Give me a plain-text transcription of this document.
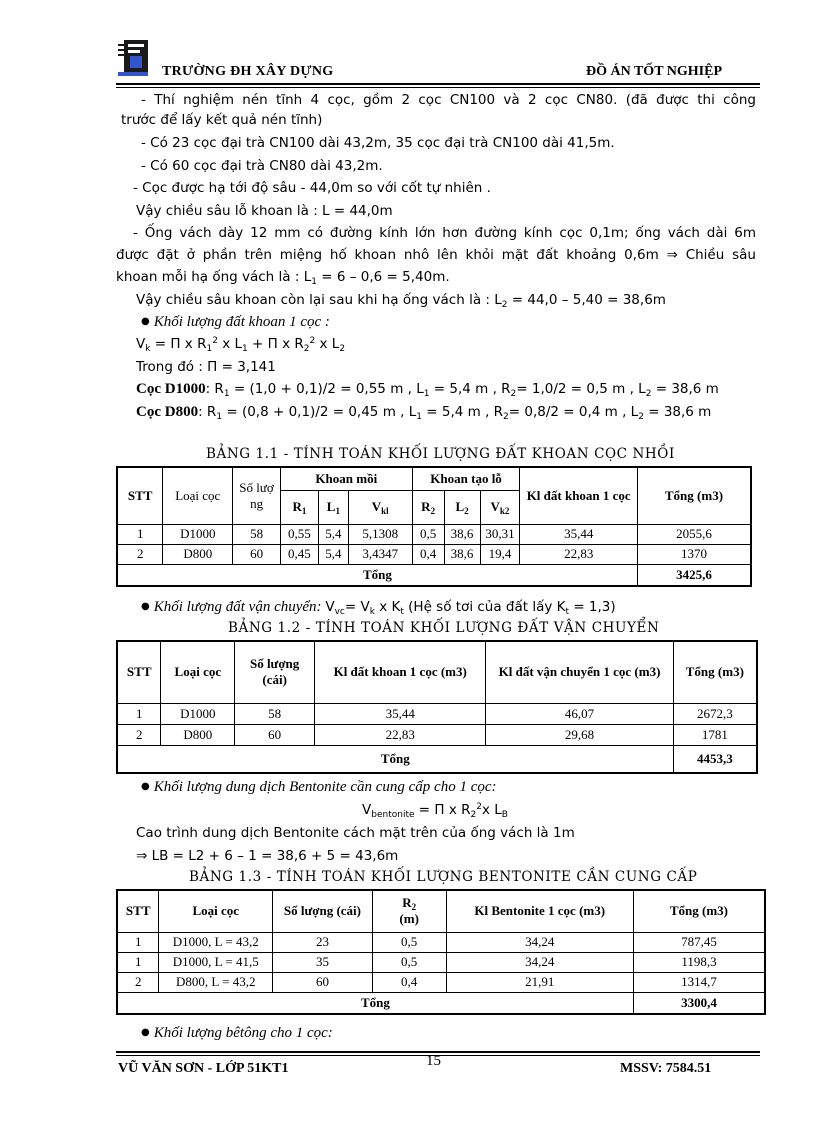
TRƯỜNG ĐH XÂY DỰNG	ĐỒ ÁN TỐT NGHIỆP
- Thí nghiệm nén tĩnh 4 cọc, gồm 2 cọc CN100 và 2 cọc CN80. (đã được thi công
trước để lấy kết quả nén tĩnh)
- Có 23 cọc đại trà CN100 dài 43,2m, 35 cọc đại trà CN100 dài 41,5m.
- Có 60 cọc đại trà CN80 dài 43,2m.
- Cọc được hạ tới độ sâu - 44,0m so với cốt tự nhiên .
Vậy chiều sâu lỗ khoan là : L = 44,0m
- Ống vách dày 12 mm có đường kính lớn hơn đường kính cọc 0,1m; ống vách dài 6m
được đặt ở phần trên miệng hố khoan nhô lên khỏi mặt đất khoảng 0,6m ⇒ Chiều sâu
khoan mỗi hạ ống vách là : $L_1 = 6 - 0,6 = 5,40m$.
Vậy chiều sâu khoan còn lại sau khi hạ ống vách là : $L_2 = 44,0 - 5,40 = 38,6m$
● Khối lượng đất khoan 1 cọc :
$V_k = \Pi$ x $R_1^2$ x $L_1 + \Pi$ x $R_2^2$ x $L_2$
Trong đó : Π = 3,141
Cọc D1000: $R_1 = (1,0 + 0,1)/2 = 0,55$ m , $L_1 = 5,4$ m , $R_2= 1,0/2 = 0,5$ m , $L_2 = 38,6$ m
Cọc D800: $R_1 = (0,8 + 0,1)/2 = 0,45$ m , $L_1 = 5,4$ m , $R_2= 0,8/2 = 0,4$ m , $L_2 = 38,6$ m
BẢNG 1.1 - TÍNH TOÁN KHỐI LƯỢNG ĐẤT KHOAN CỌC NHỒI
STT	Loại cọc	Số lượ ng	Khoan mồi			Khoan tạo lỗ			Kl đất khoan 1 cọc	Tổng (m3)
			$R_1$	$L_1$	$V_{kl}$	$R_2$	$L_2$	$V_{k2}$
1	D1000	58	0,55	5,4	5,1308	0,5	38,6	30,31	35,44	2055,6
2	D800	60	0,45	5,4	3,4347	0,4	38,6	19,4	22,83	1370
Tổng										3425,6
● Khối lượng đất vận chuyển: $V_{vc}= V_k$ x $K_t$ (Hệ số tơi của đất lấy $K_t = 1,3$)
BẢNG 1.2 - TÍNH TOÁN KHỐI LƯỢNG ĐẤT VẬN CHUYỂN
STT	Loại cọc	Số lượng (cái)	Kl đất khoan 1 cọc (m3)	Kl đất vận chuyển 1 cọc (m3)	Tổng (m3)
1	D1000	58	35,44	46,07	2672,3
2	D800	60	22,83	29,68	1781
Tổng					4453,3
● Khối lượng dung dịch Bentonite cần cung cấp cho 1 cọc:
$V_{bentonite} = \Pi$ x $R_2^2x$ $L_B$
Cao trình dung dịch Bentonite cách mặt trên của ống vách là 1m
⇒ LB = L2 + 6 – 1 = 38,6 + 5 = 43,6m
BẢNG 1.3 - TÍNH TOÁN KHỐI LƯỢNG BENTONITE CẦN CUNG CẤP
STT	Loại cọc	Số lượng (cái)	$R_2$
(m)	Kl Bentonite 1 cọc (m3)	Tổng (m3)
1	D1000, L = 43,2	23	0,5	34,24	787,45
1	D1000, L = 41,5	35	0,5	34,24	1198,3
2	D800, L = 43,2	60	0,4	21,91	1314,7
Tổng					3300,4
● Khối lượng bêtông cho 1 cọc:
VŨ VĂN SƠN - LỚP 51KT1	15	MSSV: 7584.51
